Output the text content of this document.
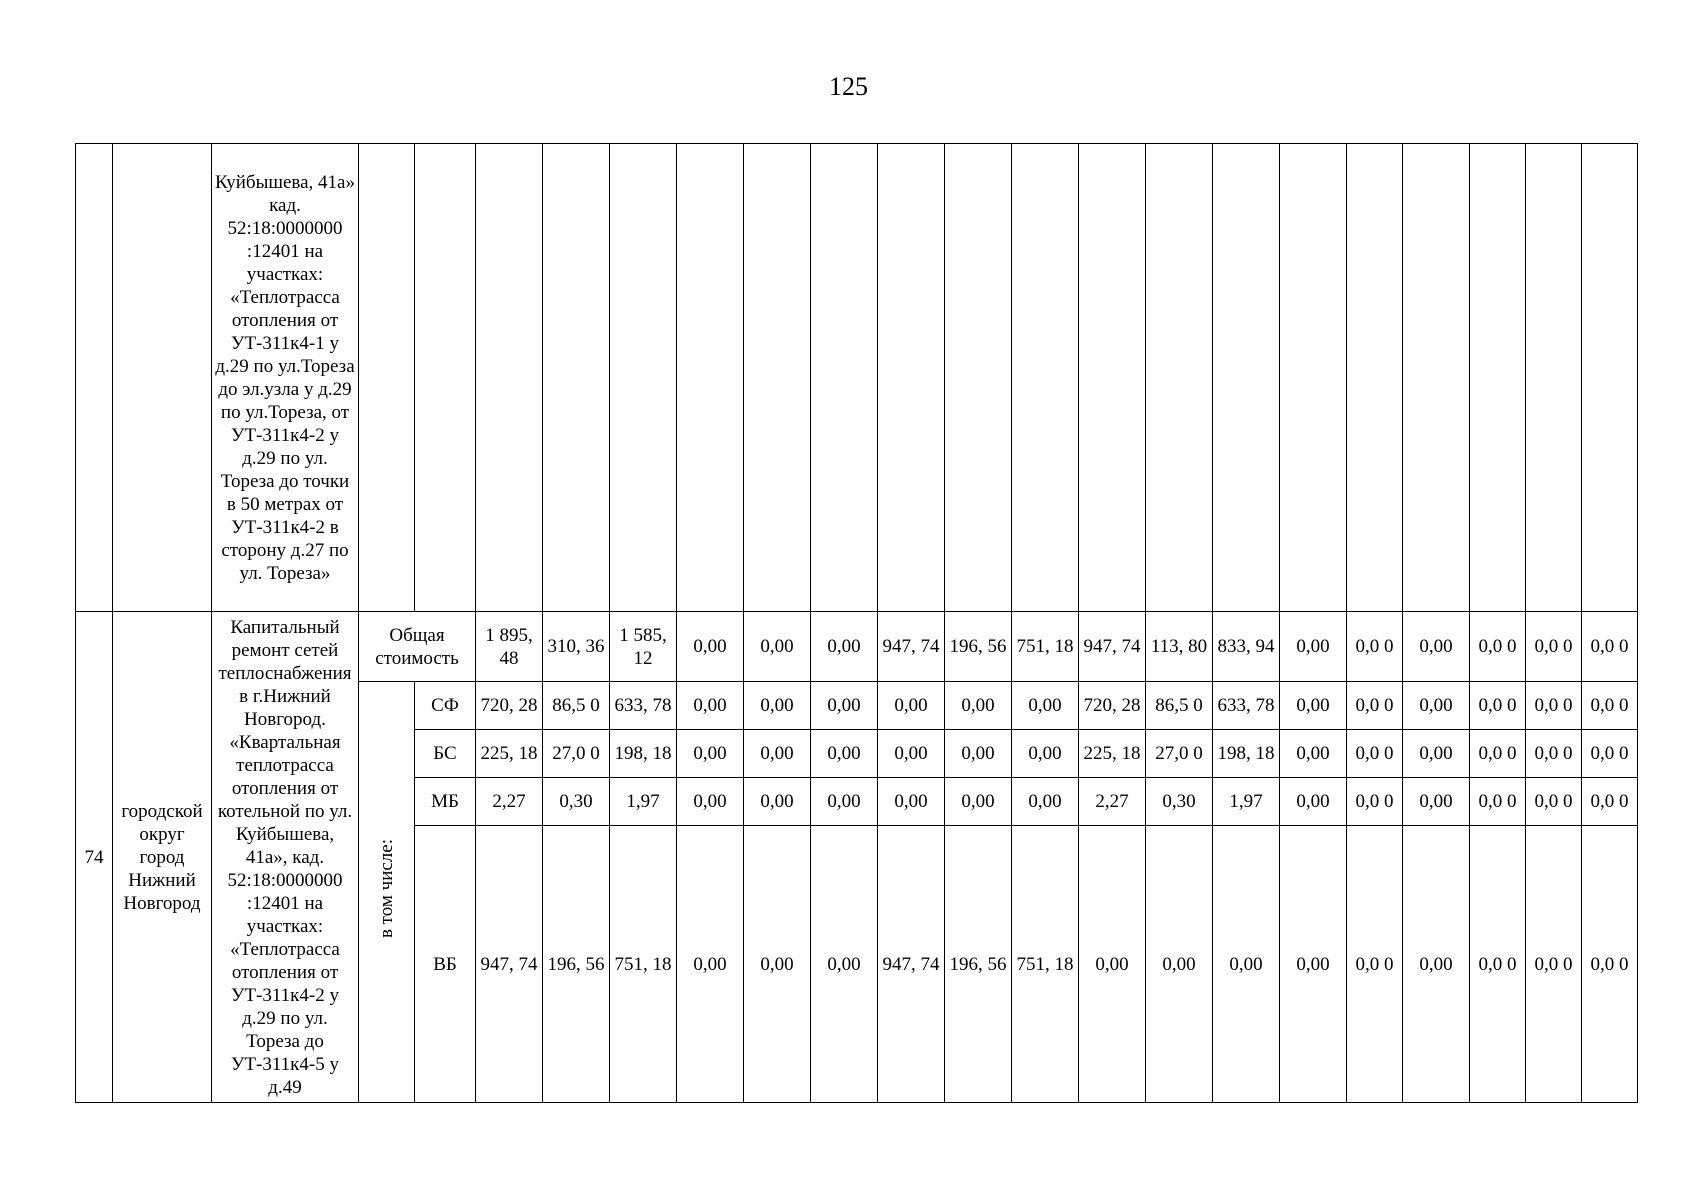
125
		Куйбышева, 41а» кад. 52:18:0000000 :12401 на участках: «Теплотрасса отопления от УТ-311к4-1 у д.29 по ул.Тореза до эл.узла у д.29 по ул.Тореза, от УТ-311к4-2 у д.29 по ул. Тореза до точки в 50 метрах от УТ-311к4-2 в сторону д.27 по ул. Тореза»																				
74	городской округ город Нижний Новгород	Капитальный ремонт сетей теплоснабжения в г.Нижний Новгород. «Квартальная теплотрасса отопления от котельной по ул. Куйбышева, 41а», кад. 52:18:0000000 :12401 на участках: «Теплотрасса отопления от УТ-311к4-2 у д.29 по ул. Тореза до УТ-311к4-5 у д.49	Общая стоимость		1 895, 48	310, 36	1 585, 12	0,00	0,00	0,00	947, 74	196, 56	751, 18	947, 74	113, 80	833, 94	0,00	0,0 0	0,00	0,0 0	0,0 0	0,0 0
			в том числе:	СФ	720, 28	86,5 0	633, 78	0,00	0,00	0,00	0,00	0,00	0,00	720, 28	86,5 0	633, 78	0,00	0,0 0	0,00	0,0 0	0,0 0	0,0 0
				БС	225, 18	27,0 0	198, 18	0,00	0,00	0,00	0,00	0,00	0,00	225, 18	27,0 0	198, 18	0,00	0,0 0	0,00	0,0 0	0,0 0	0,0 0
				МБ	2,27	0,30	1,97	0,00	0,00	0,00	0,00	0,00	0,00	2,27	0,30	1,97	0,00	0,0 0	0,00	0,0 0	0,0 0	0,0 0
				ВБ	947, 74	196, 56	751, 18	0,00	0,00	0,00	947, 74	196, 56	751, 18	0,00	0,00	0,00	0,00	0,0 0	0,00	0,0 0	0,0 0	0,0 0
